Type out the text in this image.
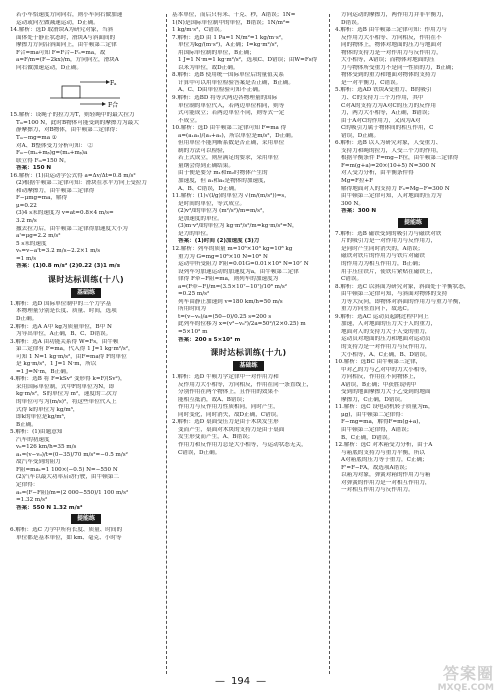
若小车恰速度方向向右，则小车向右做加速
运动或向左做减速运动，D正确。
14.解析：选D 取滑块A为研究对象，当斜
面体处于静止状态时，滑块A与斜面间的
摩擦力方向沿斜面向上，由牛顿第二定律
F合=ma可知 F=F合−Fₙ=ma，故
a=F/m=(F−2kx)/m，方向向左，滑块A
向右做加速运动，D正确。
Fₐ
F合
15.解析：设绳子的拉力为T，则轻绳中的最大拉力
Tₘ=100 N，此时B物体可能受到的摩擦力为最大
静摩擦力，对B物体，由牛顿第二定律得：
Tₘ−mg=ma ①
对A、B整体受力分析可知： ②
Fₘ−(mₐ+mᵦ)g=(mₐ+mᵦ)a
联立得 Fₘ=150 N。
答案：150 N
16.解析：(1)由运动学公式得 a=Δv/Δt=0.8 m/s²
(2)根据牛顿第二定律可知：滑块在水平方向上受拉力
和动摩擦力，由牛顿第二定律得
F−μmg=ma，解得
μ=0.22
(3)4 s末的速度为 v=at=0.8×4 m/s=
3.2 m/s
撤去拉力后，由牛顿第二定律得加速度大小为
a'=μg=2.2 m/s²
5 s末的速度
v₅=v−a't=3.2 m/s−2.2×1 m/s
=1 m/s
答案：(1)0.8 m/s² (2)0.22 (3)1 m/s
课时达标训练(十八)
基础练
1.解析：选D 国际单位制中的三个力学基
本物理量分别是长度、质量、时间，选项
D正确。
2.解析：选A A中 kg为质量单位，B中 N
为导出单位，A正确，B、C、D错误。
3.解析：选A 由功能关系得 W=Fs，由牛顿
第二定律有 F=ma，代入得 1 J=1 kg·m²/s²，
可知 1 N=1 kg·m/s²，由F=ma得 F的单位
是 kg·m/s²，1 J=1 N·m，所以
=1 J=N·m，B正确。
4.解析：选B 将 F=kSv² 变形得 k=F/(Sv²)，
采用国际单位制，式中F的单位为N，即
kg·m/s²，S的单位为 m²，速度的二次方
的单位可写为(m/s)²，将这些单位代入上
式得 k的单位为 kg/m³，
即k的单位是kg/m³，
B正确。
5.解析：(1)由题意知
汽车的初速度
v₀=126 km/h=35 m/s
a₁=(v−v₀)/t=(0−35)/70 m/s²=−0.5 m/s²
故汽车受到的阻力
F阻=ma₁=1 100×(−0.5) N=−550 N
(2)汽车以最大功率启动行驶，由牛顿第二
定律得：
a₂=(F−F阻)/m=(2 000−550)/1 100 m/s²
=1.32 m/s²
答案：550 N 1.32 m/s²
提能练
6.解析：选C 力学中所有长度、质量、时间的
单位都是基本单位，如 km、毫克、小时等
基本单位，而后只有米、千克、秒，A错误；1N=
1(N)是国际单位制中的单位，B错误；1N/m²=
1 kg/m·s²，C错误。
7.解析：选D 由 1 Pa=1 N/m²=1 kg/m·s²，
单位为kg/(m·s²)，A正确；I=kg·m²/s²，
用国际单位制的单位，B正确；
1 J=1 N·m=1 kg·m²/s²，选项C、D错误；由W=Fs得
以米为单位，故D正确。
8.解析：选B 使用统一国际单位后的量值关系
计算中可以用单位检验答案是否正确，B正确。
A、C、D由单位检验可知不正确。
9.解析：选BD 将等式两边各物理量的国际
单位制的单位代入，若两边单位相同，则等
式可能成立；若两边单位不同，则等式一定
不成立。
10.解析：选D 由牛顿第二定律可知 F=ma 得
a=(a₁a₂)/(a₁+a₂)，所以单位是m/s²，D正确。
但用单位不能判断系数是否正确，采用单位
制的方法可以检验，
若上式成立，则应满足的要求，采用单位
量纲会得到正确结果。
由于便是要分 m₁和m₂时物体产生的
加速度，但 a₁和a₂是物体的加速度，
A、B、C错误，D正确。
11.解析：(1)√(l/g)的单位为 √(m/(m/s²))=s，
是时间的单位，等式成立。
(2)v²/l的单位为 (m²/s²)/m=m/s²，
是加速度的单位。
(3)m·v²/l的单位为 kg·m²/s²/m=kg·m/s²=N，
是力的单位。
答案：(1)时间 (2)加速度 (3)力
12.解析：列车的质量 m=10⁵×10³ kg=10⁸ kg
重力为 G=mg=10⁸×10 N=10⁹ N
运动中所受阻力 F阻=0.01G=0.01×10⁹ N=10⁷ N
设列车匀加速运动的加速度为a，由牛顿第二定律
律得 F牵−F阻=ma，则列车的加速度为
a=(F牵−F)/m=(3.5×10⁷−10⁷)/10⁸ m/s²
=0.25 m/s²
列车由静止加速到 v=180 km/h=50 m/s
所用时间为
t=(v−v₀)/a=(50−0)/0.25 s=200 s
此列车的位移为 x=(v²−v₀²)/2a=50²/(2×0.25) m
=5×10³ m
答案：200 s 5×10³ m
课时达标训练(十九)
基础练
1.解析：选D 牛顿力学定律中一对作用力和
反作用力大小相等，方向相反，作用在同一条直线上，
分别作用在两个物体上，且作用的效果不
能相互抵消，故A、B错误；
作用力与反作用力性质相同，同时产生，
同时变化，同时消失，故D正确，C错误。
2.解析：选D 桌面受压力是由于木块发生形
变而产生，桌面对木块的支持力是由于桌面
发生形变而产生，A、B错误；
作用力和反作用力总是大小相等，与运动状态无关，
C错误，D正确。
方向运动的摩擦力，两作用力并非平衡力，
D错误。
4.解析：选B 由牛顿第三定律可知：作用力与
反作用力大小相等、方向相反，作用在不
同的物体上，物体对地面的压力与地面对
物体的支持力是一对作用力与反作用力，
大小相等，A错误；而物体对地面的压
力与物体所受重力不是同一性质的力，B正确；
物体受到的重力和地面对物体的支持力
是一对平衡力，C错误。
5.解析：选AD 铁块A受重力、B的吸引
力、C的支持力三个力作用，其中
C对A的支持力为A对C的压力的反作用
力，两力大小相等，A正确，B错误；
由于A对C的作用力，又因为A对
C的吸引力属于物体间的相互作用，C
错误，D正确。
6.解析：选B 以人为研究对象，人受重力、
支持力和绳的拉力，人受三个力的作用，
根据平衡条件 F=mg−F拉，由牛顿第三定律得
F=m(g+a)=20×(10+5) N=300 N
对人受力分析，由平衡条件得
Mg=F拉+F
解得地面对人的支持力 Fₙ=Mg−F=300 N
由牛顿第三定律可知，人对地面的压力为
300 N。
答案：300 N
提能练
7.解析：选B 磁铁受到的吸引力与磁铁对铁
片的吸引力是一对作用力与反作用力，
是同时产生同时消失的，A错误；
磁铁对铁片的作用力与铁片对磁铁
的作用力为相互作用力，B正确；
用手压住铁片，使铁片紧贴在磁铁上，
C错误。
8.解析：选C 以斜面为研究对象，斜面处于平衡状态，
由牛顿第三定律可知，与斜面对物体的支持
力等大反向，即物体对斜面的作用力与重力平衡，
重力方向竖直向下，故选C。
9.解析：选AC 运动员起跳过程中向上
加速，人对地面的压力大于人的重力，
地面对人的支持力大于人受的重力，
运动员对地面的压力和地面对运动员
的支持力是一对作用力与反作用力，
大小相等，A、C正确，B、D错误。
10.解析：选BC 由牛顿第三定律，
甲对乙的力与乙对甲的力大小相等，
方向相反，作用在不同物体上，
A错误，B正确；甲获胜说明甲
受到的地面摩擦力大于乙受到的地面
摩擦力，C正确，D错误。
11.解析：选C 设电动机转子质量为m，
μg)，由牛顿第二定律得：
F−mg=ma，解得F=m(g+a)，
由牛顿第三定律得，A错误；
B、C正确，D错误。
12.解析：选C 对木箱受力分析，由于A
与箱底的支持力与重力平衡，所以
A对箱底的压力等于重力，C正确；
F'=F−FA，故选项A错误；
以箱为对象，弹簧对箱的作用力与箱
对弹簧的作用力是一对相互作用力，
一对相互作用力与反作用力。
— 194 —	答案圈
MXQE.COM
